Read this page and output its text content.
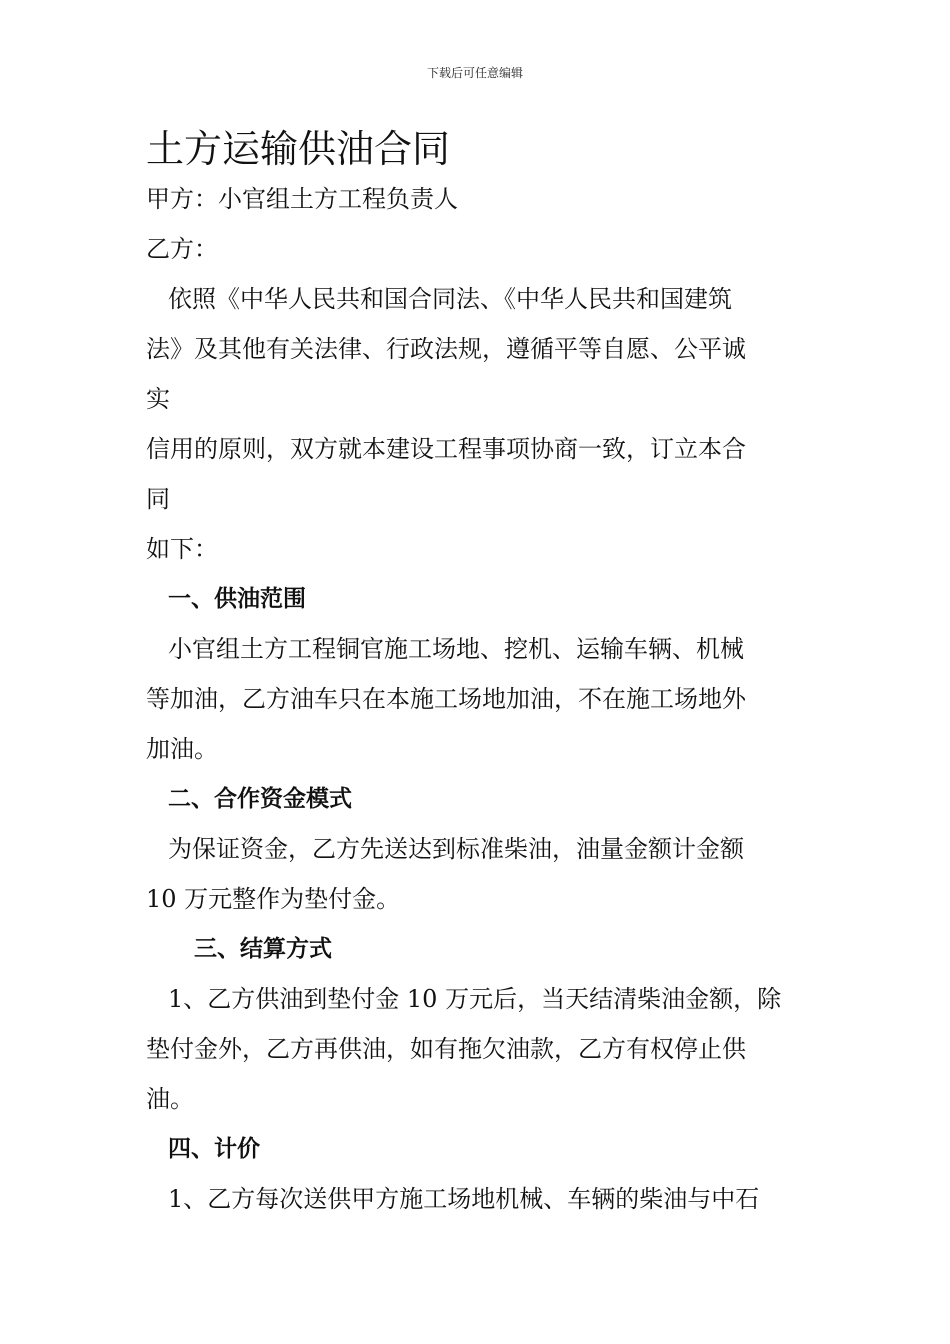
下载后可任意编辑
土方运输供油合同
甲方：小官组土方工程负责人
乙方：
依照《中华人民共和国合同法、《中华人民共和国建筑
法》及其他有关法律、行政法规，遵循平等自愿、公平诚
实
信用的原则，双方就本建设工程事项协商一致，订立本合
同
如下：
一、供油范围
小官组土方工程铜官施工场地、挖机、运输车辆、机械
等加油，乙方油车只在本施工场地加油，不在施工场地外
加油。
二、合作资金模式
为保证资金，乙方先送达到标准柴油，油量金额计金额
10 万元整作为垫付金。
三、结算方式
1、乙方供油到垫付金 10 万元后，当天结清柴油金额，除
垫付金外，乙方再供油，如有拖欠油款，乙方有权停止供
油。
四、计价
1、乙方每次送供甲方施工场地机械、车辆的柴油与中石
